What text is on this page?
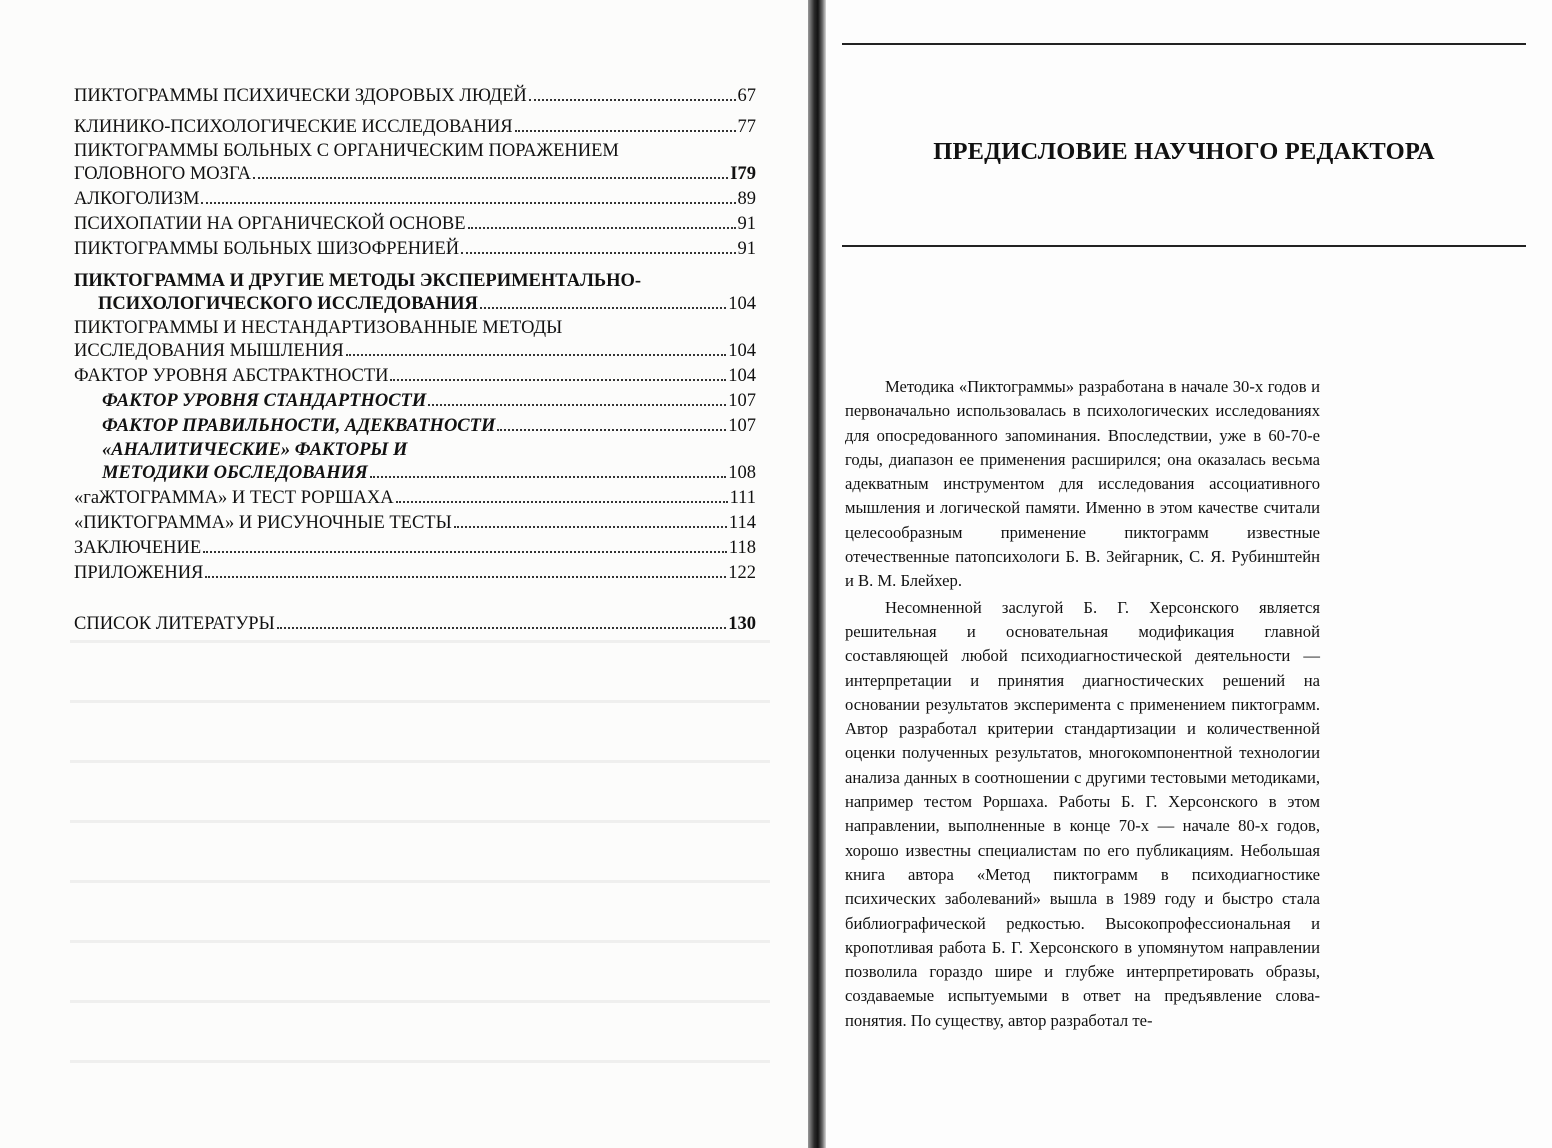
ПИКТОГРАММЫ ПСИХИЧЕСКИ ЗДОРОВЫХ ЛЮДЕЙ	67
КЛИНИКО-ПСИХОЛОГИЧЕСКИЕ ИССЛЕДОВАНИЯ	77
ПИКТОГРАММЫ БОЛЬНЫХ С ОРГАНИЧЕСКИМ ПОРАЖЕНИЕМ
ГОЛОВНОГО МОЗГА	І79
АЛКОГОЛИЗМ	89
ПСИХОПАТИИ НА ОРГАНИЧЕСКОЙ ОСНОВЕ	91
ПИКТОГРАММЫ БОЛЬНЫХ ШИЗОФРЕНИЕЙ	91
ПИКТОГРАММА И ДРУГИЕ МЕТОДЫ ЭКСПЕРИМЕНТАЛЬНО-
ПСИХОЛОГИЧЕСКОГО ИССЛЕДОВАНИЯ	104
ПИКТОГРАММЫ И НЕСТАНДАРТИЗОВАННЫЕ МЕТОДЫ
ИССЛЕДОВАНИЯ МЫШЛЕНИЯ	104
ФАКТОР УРОВНЯ АБСТРАКТНОСТИ	104
ФАКТОР УРОВНЯ СТАНДАРТНОСТИ	107
ФАКТОР ПРАВИЛЬНОСТИ, АДЕКВАТНОСТИ	107
«АНАЛИТИЧЕСКИЕ» ФАКТОРЫ И
МЕТОДИКИ ОБСЛЕДОВАНИЯ	108
«гаЖТОГРАММА» И ТЕСТ РОРШАХА	111
«ПИКТОГРАММА» И РИСУНОЧНЫЕ ТЕСТЫ	114
ЗАКЛЮЧЕНИЕ	118
ПРИЛОЖЕНИЯ	122
СПИСОК ЛИТЕРАТУРЫ	130
ПРЕДИСЛОВИЕ НАУЧНОГО РЕДАКТОРА

Методика «Пиктограммы» разработана в начале 30-х годов и первоначально использовалась в психологических исследованиях для опосредованного запоминания. Впоследствии, уже в 60-70-е годы, диапазон ее применения расширился; она оказалась весьма адекватным инструментом для исследования ассоциативного мышления и логической памяти. Именно в этом качестве считали целесообразным применение пиктограмм известные отечественные патопсихологи Б. В. Зейгарник, С. Я. Рубинштейн и В. М. Блейхер.

Несомненной заслугой Б. Г. Херсонского является решительная и основательная модификация главной составляющей любой психодиагностической деятельности — интерпретации и принятия диагностических решений на основании результатов эксперимента с применением пиктограмм. Автор разработал критерии стандартизации и количественной оценки полученных результатов, многокомпонентной технологии анализа данных в соотношении с другими тестовыми методиками, например тестом Роршаха. Работы Б. Г. Херсонского в этом направлении, выполненные в конце 70-х — начале 80-х годов, хорошо известны специалистам по его публикациям. Небольшая книга автора «Метод пиктограмм в психодиагностике психических заболеваний» вышла в 1989 году и быстро стала библиографической редкостью. Высокопрофессиональная и кропотливая работа Б. Г. Херсонского в упомянутом направлении позволила гораздо шире и глубже интерпретировать образы, создаваемые испытуемыми в ответ на предъявление слова-понятия. По существу, автор разработал те-
